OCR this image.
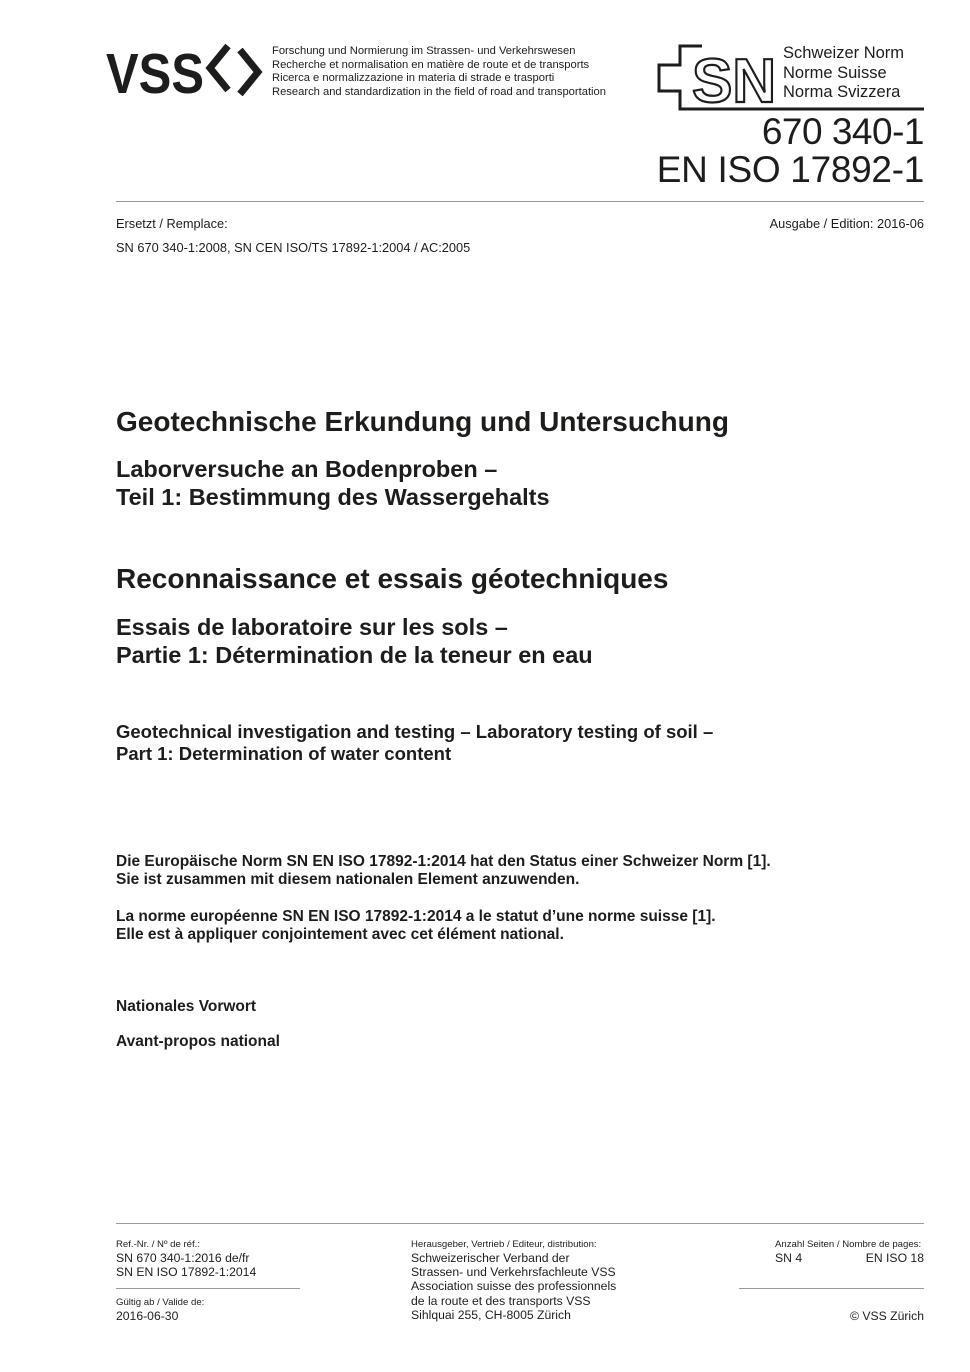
VSS	Forschung und Normierung im Strassen- und Verkehrswesen
Recherche et normalisation en matière de route et de transports
Ricerca e normalizzazione in materia di strade e trasporti
Research and standardization in the field of road and transportation SN Schweizer Norm
Norme Suisse
Norma Svizzera
670 340-1
EN ISO 17892-1
Ersetzt / Remplace:	Ausgabe / Edition: 2016-06
SN 670 340-1:2008, SN CEN ISO/TS 17892-1:2004 / AC:2005
Geotechnische Erkundung und Untersuchung
Laborversuche an Bodenproben –
Teil 1: Bestimmung des Wassergehalts
Reconnaissance et essais géotechniques
Essais de laboratoire sur les sols –
Partie 1: Détermination de la teneur en eau
Geotechnical investigation and testing – Laboratory testing of soil –
Part 1: Determination of water content
Die Europäische Norm SN EN ISO 17892-1:2014 hat den Status einer Schweizer Norm [1].
Sie ist zusammen mit diesem nationalen Element anzuwenden.
La norme européenne SN EN ISO 17892-1:2014 a le statut d’une norme suisse [1].
Elle est à appliquer conjointement avec cet élément national.
Nationales Vorwort
Avant-propos national
Ref.-Nr. / Nº de réf.:
SN 670 340-1:2016 de/fr
SN EN ISO 17892-1:2014
Gültig ab / Valide de:
2016-06-30
Herausgeber, Vertrieb / Editeur, distribution:
Schweizerischer Verband der
Strassen- und Verkehrsfachleute VSS
Association suisse des professionnels
de la route et des transports VSS
Sihlquai 255, CH-8005 Zürich
Anzahl Seiten / Nombre de pages:
SN 4	EN ISO 18
© VSS Zürich
